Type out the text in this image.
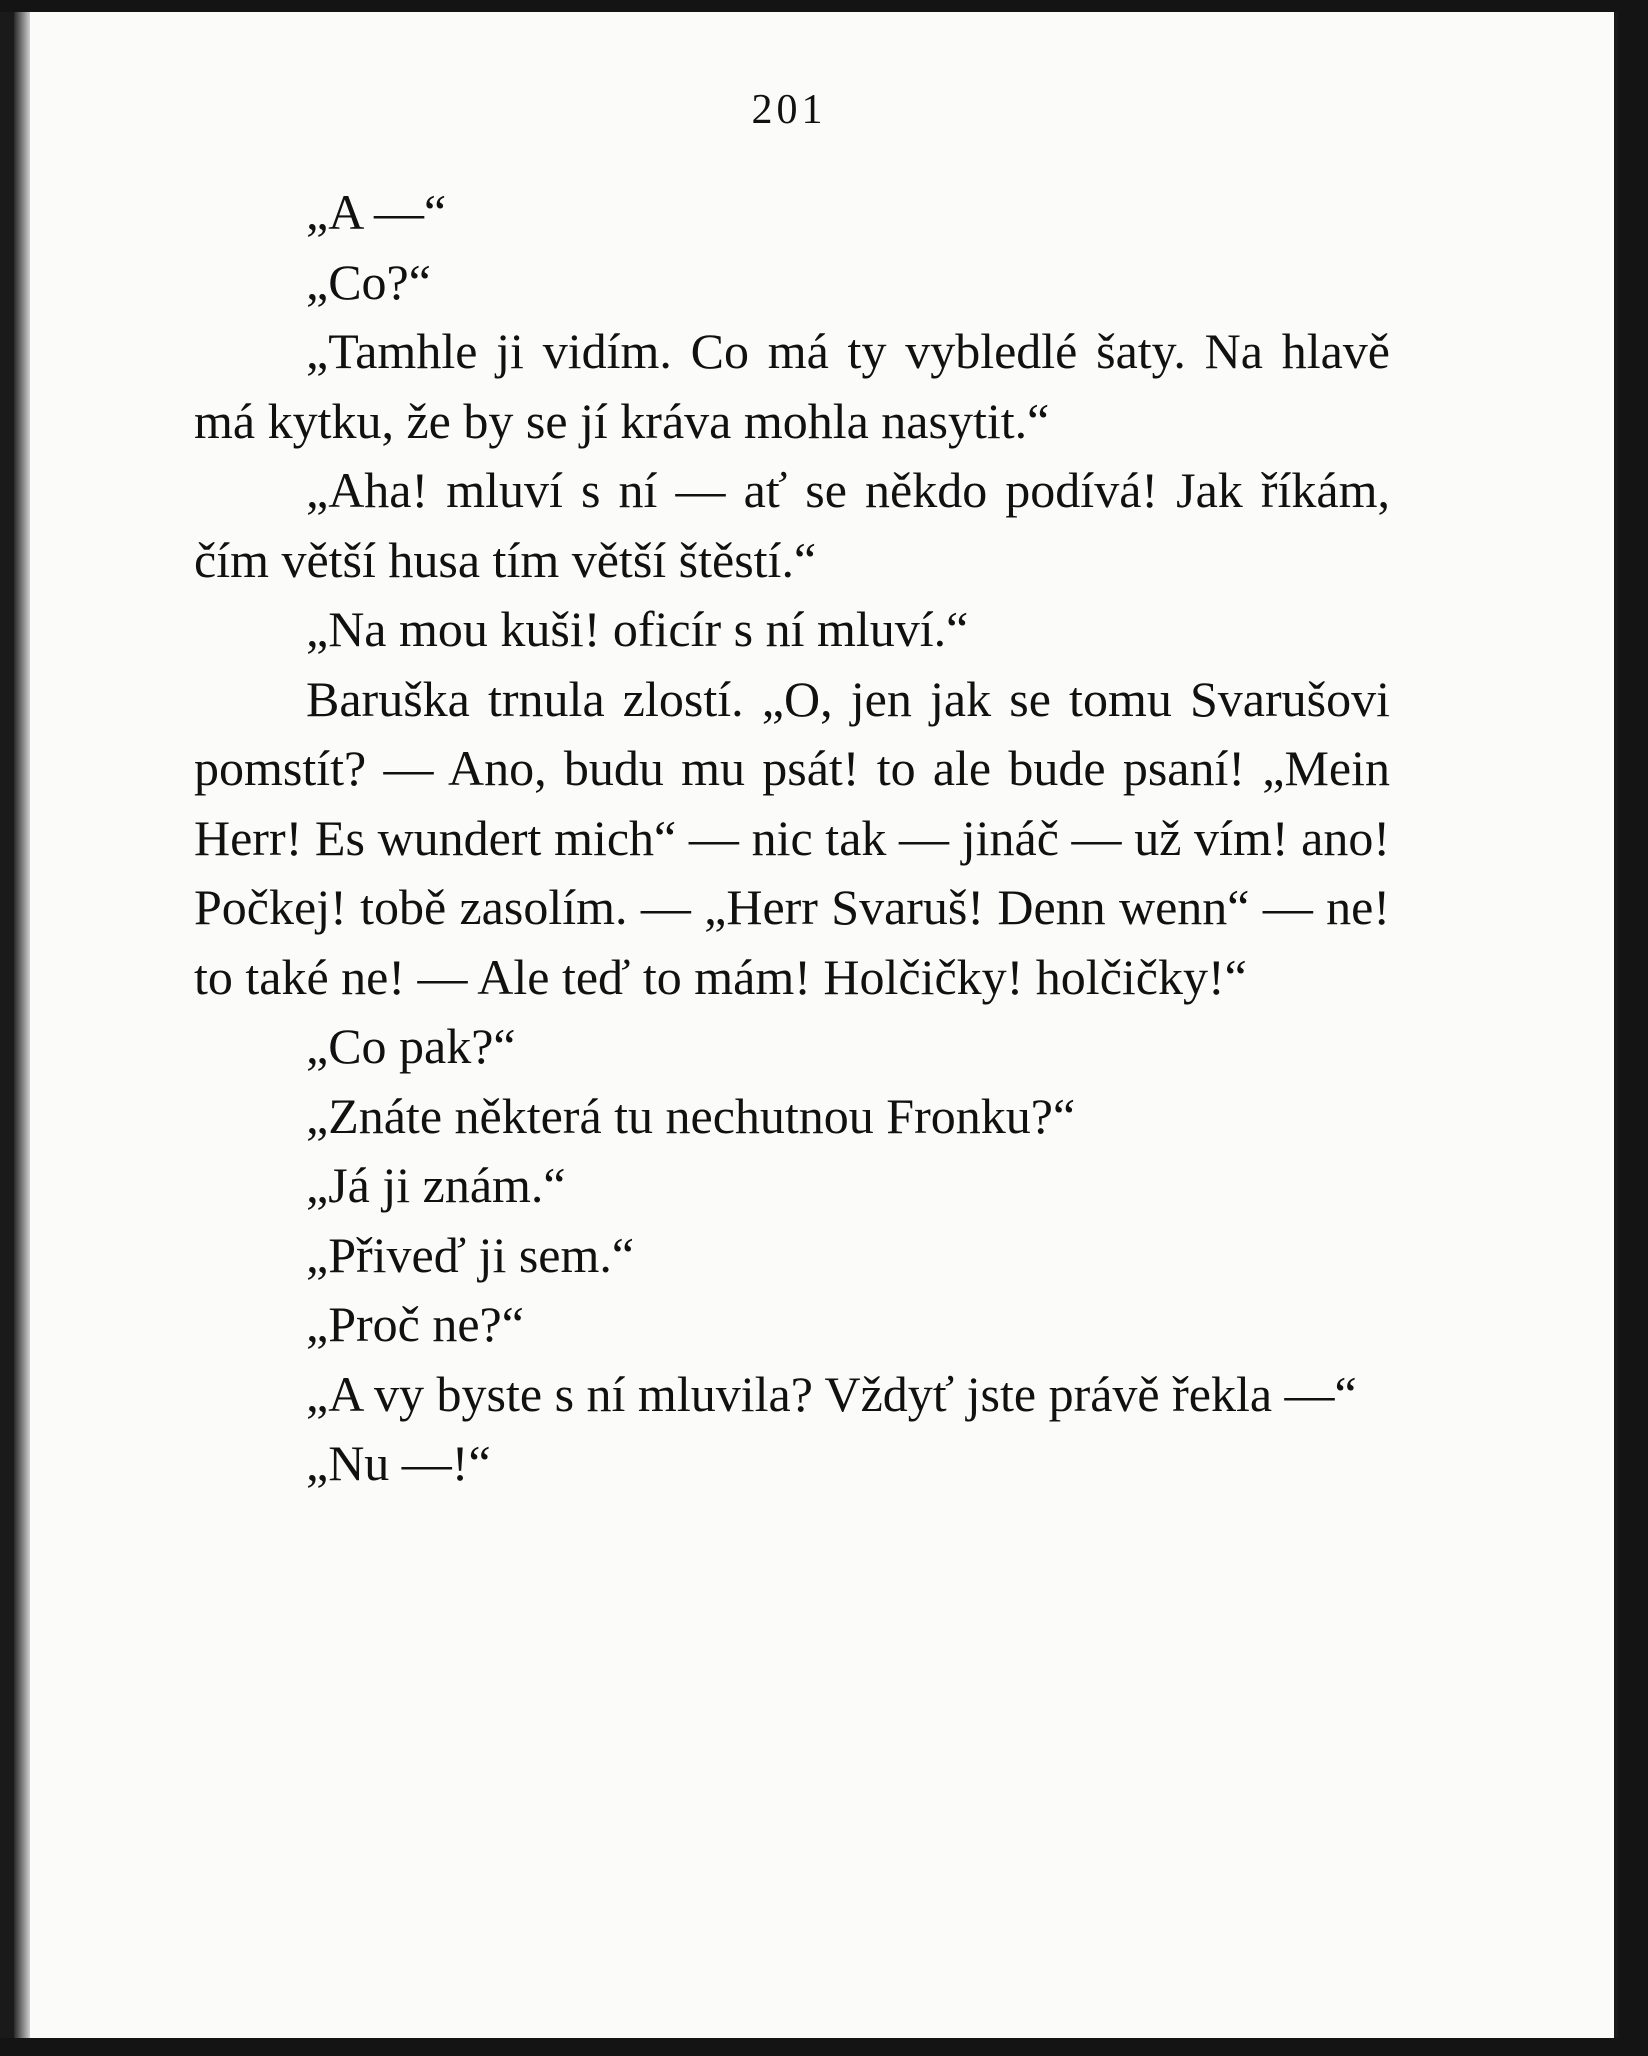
201

„A —“

„Co?“

„Tamhle ji vidím. Co má ty vybledlé šaty. Na hlavě má kytku, že by se jí kráva mohla nasytit.“

„Aha! mluví s ní — ať se někdo podívá! Jak říkám, čím větší husa tím větší štěstí.“

„Na mou kuši! oficír s ní mluví.“

Baruška trnula zlostí. „O, jen jak se tomu Svarušovi pomstít? — Ano, budu mu psát! to ale bude psaní! „Mein Herr! Es wundert mich“ — nic tak — jináč — už vím! ano! Počkej! tobě zasolím. — „Herr Svaruš! Denn wenn“ — ne! to také ne! — Ale teď to mám! Holčičky! holčičky!“

„Co pak?“

„Znáte některá tu nechutnou Fronku?“

„Já ji znám.“

„Přiveď ji sem.“

„Proč ne?“

„A vy byste s ní mluvila? Vždyť jste právě řekla —“

„Nu —!“
